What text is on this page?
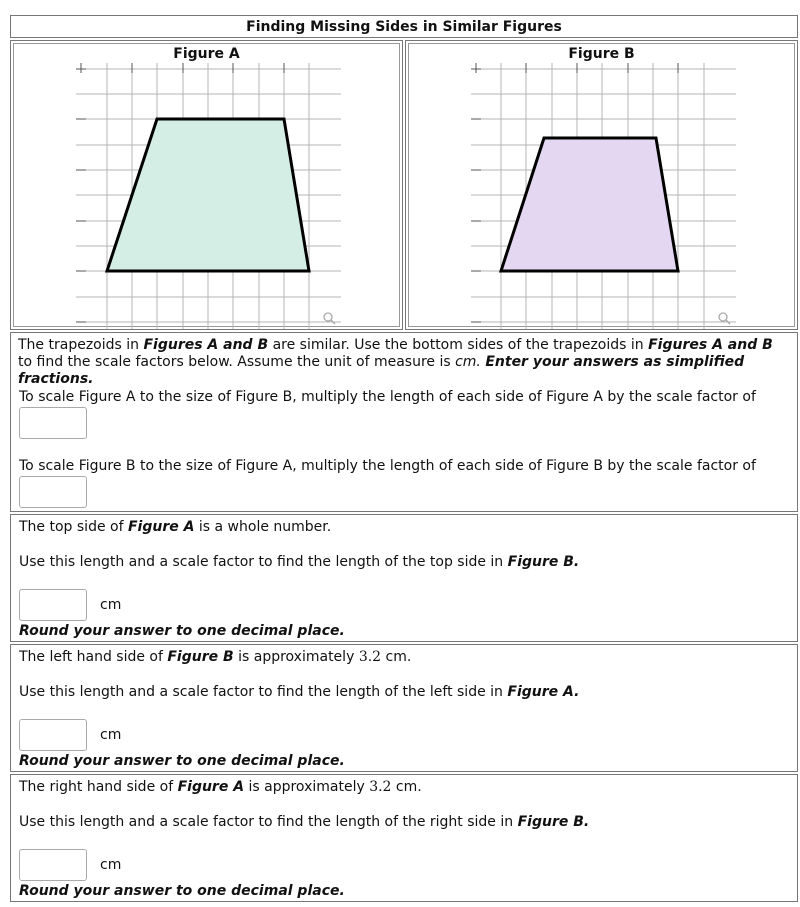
Finding Missing Sides in Similar Figures
Figure A	Figure B

The trapezoids in Figures A and B are similar. Use the bottom sides of the trapezoids in Figures A and B to find the scale factors below. Assume the unit of measure is cm. Enter your answers as simplified fractions.

To scale Figure A to the size of Figure B, multiply the length of each side of Figure A by the scale factor of
To scale Figure B to the size of Figure A, multiply the length of each side of Figure B by the scale factor of
The top side of Figure A is a whole number.
Use this length and a scale factor to find the length of the top side in Figure B.
cm
Round your answer to one decimal place.
The left hand side of Figure B is approximately 3.2 cm.
Use this length and a scale factor to find the length of the left side in Figure A.
cm
Round your answer to one decimal place.
The right hand side of Figure A is approximately 3.2 cm.
Use this length and a scale factor to find the length of the right side in Figure B.
cm
Round your answer to one decimal place.
